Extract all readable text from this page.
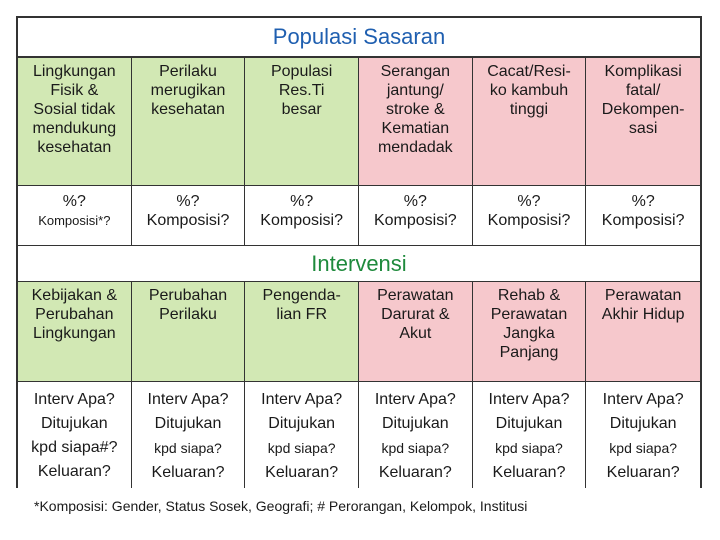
Populasi Sasaran
Lingkungan
Fisik &
Sosial tidak
mendukung
kesehatan
Perilaku
merugikan
kesehatan
Populasi
Res.Ti
besar
Serangan
jantung/
stroke &
Kematian
mendadak
Cacat/Resi-
ko kambuh
tinggi
Komplikasi
fatal/
Dekompen-
sasi
%?
Komposisi*?
%?
Komposisi?
%?
Komposisi?
%?
Komposisi?
%?
Komposisi?
%?
Komposisi?
Intervensi
Kebijakan &
Perubahan
Lingkungan
Perubahan
Perilaku
Pengenda-
lian FR
Perawatan
Darurat &
Akut
Rehab &
Perawatan
Jangka
Panjang
Perawatan
Akhir Hidup
Interv Apa?
Ditujukan
kpd siapa#?
Keluaran?
Interv Apa?
Ditujukan
kpd siapa?
Keluaran?
Interv Apa?
Ditujukan
kpd siapa?
Keluaran?
Interv Apa?
Ditujukan
kpd siapa?
Keluaran?
Interv Apa?
Ditujukan
kpd siapa?
Keluaran?
Interv Apa?
Ditujukan
kpd siapa?
Keluaran?
*Komposisi: Gender, Status Sosek, Geografi; # Perorangan, Kelompok, Institusi
